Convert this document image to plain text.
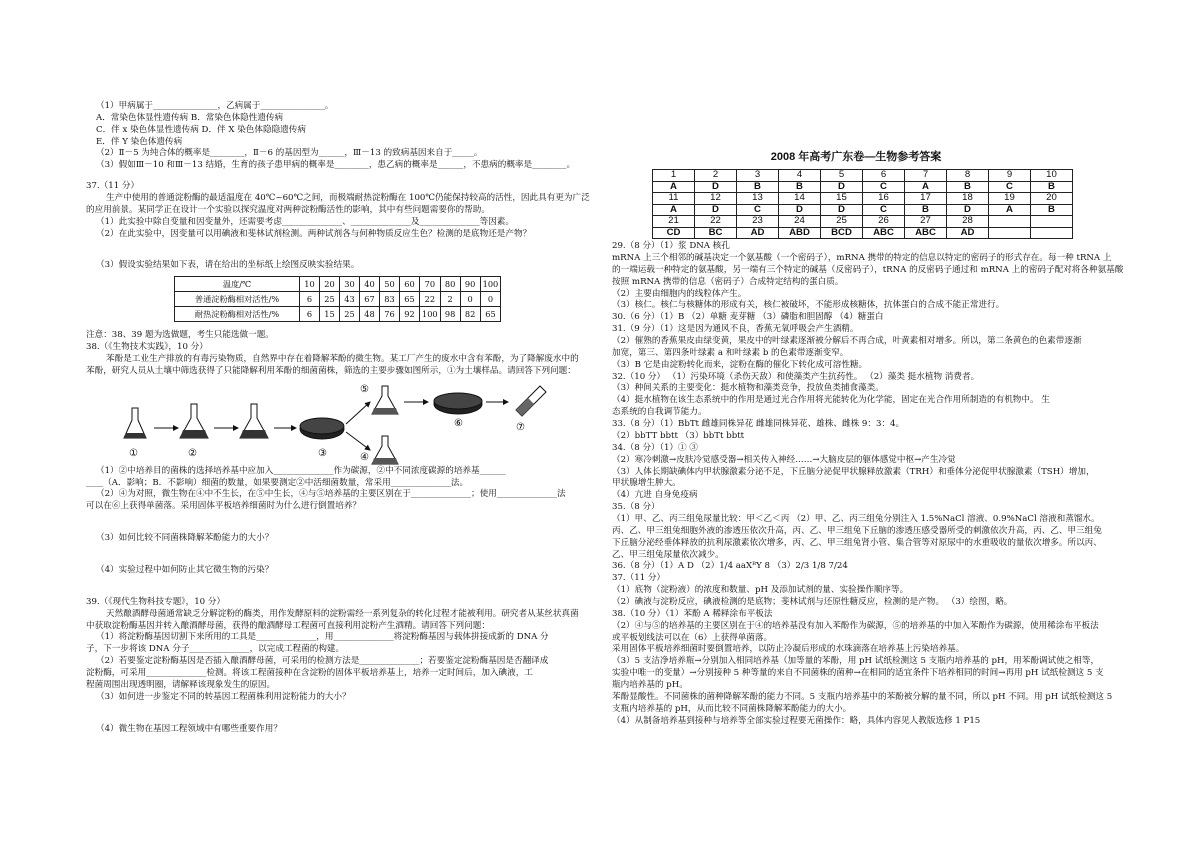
（1）甲病属于_______________，乙病属于_______________。

A．常染色体显性遗传病 B．常染色体隐性遗传病

C．伴 x 染色体显性遗传病 D．伴 X 染色体隐隐遗传病

E．伴 Y 染色体遗传病

（2）Ⅱ－5 为纯合体的概率是________，Ⅱ－6 的基因型为______，Ⅲ－13 的致病基因来自于_____。

（3）假如Ⅲ－10 和Ⅲ－13 结婚，生育的孩子患甲病的概率是________，患乙病的概率是______，不患病的概率是________。

37.（11 分）

生产中使用的普通淀粉酶的最适温度在 40℃~60℃之间，而极端耐热淀粉酶在 100℃仍能保持较高的活性，因此具有更为广泛

的应用前景。某同学正在设计一个实验以探究温度对两种淀粉酶活性的影响，其中有些问题需要你的帮助。

（1）此实验中除自变量和因变量外，还需要考虑______________、______________及______________等因素。

（2）在此实验中，因变量可以用碘液和斐林试剂检测。两种试剂各与何种物质反应生色？检测的是底物还是产物？

（3）假设实验结果如下表，请在给出的坐标纸上绘图反映实验结果。

温度/℃	10	20	30	40	50	60	70	80	90	100
普通淀粉酶相对活性/%	6	25	43	67	83	65	22	2	0	0
耐热淀粉酶相对活性/%	6	15	25	48	76	92	100	98	82	65

注意：38、39 题为选做题，考生只能选做一题。

38.（《生物技术实践》，10 分）

苯酚是工业生产排放的有毒污染物质，自然界中存在着降解苯酚的微生物。某工厂产生的废水中含有苯酚，为了降解废水中的

苯酚，研究人员从土壤中筛选获得了只能降解利用苯酚的细菌菌株，筛选的主要步骤如图所示，①为土壤样品。请回答下列问题：

①	②	③	④
⑤
⑥	⑦

（1）②中培养目的菌株的选择培养基中应加入______________作为碳源，②中不同浓度碳源的培养基______

____（A．影响；B．不影响）细菌的数量，如果要测定②中活细菌数量，常采用______________法。

（2）④为对照，微生物在④中不生长，在⑤中生长，④与⑤培养基的主要区别在于______________；使用______________法

可以在⑥上获得单菌落。采用固体平板培养细菌时为什么进行倒置培养？

（3）如何比较不同菌株降解苯酚能力的大小？

（4）实验过程中如何防止其它微生物的污染？

39.（《现代生物科技专题》，10 分）

天然酿酒酵母菌通常缺乏分解淀粉的酶类，用作发酵原料的淀粉需经一系列复杂的转化过程才能被利用。研究者从某丝状真菌

中获取淀粉酶基因并转入酿酒酵母菌，获得的酿酒酵母工程菌可直接利用淀粉产生酒精。请回答下列问题：

（1）将淀粉酶基因切割下来所用的工具是______________，用______________将淀粉酶基因与载体拼接成新的 DNA 分

子，下一步将该 DNA 分子______________，以完成工程菌的构建。

（2）若要鉴定淀粉酶基因是否插入酿酒酵母菌，可采用的检测方法是______________；若要鉴定淀粉酶基因是否翻译成

淀粉酶，可采用______________检测。将该工程菌接种在含淀粉的固体平板培养基上，培养一定时间后，加入碘液，工

程菌周围出现透明圈，请解释该现象发生的原因。

（3）如何进一步鉴定不同的转基因工程菌株利用淀粉能力的大小？

（4）微生物在基因工程领域中有哪些重要作用？

2008 年高考广东卷—生物参考答案
1	2	3	4	5	6	7	8	9	10
A	D	B	B	D	C	A	B	C	B
11	12	13	14	15	16	17	18	19	20
A	D	C	D	D	C	B	D	A	B
21	22	23	24	25	26	27	28		
CD	BC	AD	ABD	BCD	ABC	ABC	AD		

29.（8 分）（1）浆 DNA 核孔

mRNA 上三个相邻的碱基决定一个氨基酸（一个密码子），mRNA 携带的特定的信息以特定的密码子的形式存在。每一种 tRNA 上

的一端运载一种特定的氨基酸，另一端有三个特定的碱基（反密码子），tRNA 的反密码子通过和 mRNA 上的密码子配对将各种氨基酸

按照 mRNA 携带的信息（密码子）合成特定结构的蛋白质。

（2）主要由细胞内的线粒体产生。

（3）核仁。核仁与核糖体的形成有关，核仁被破坏，不能形成核糖体，抗体蛋白的合成不能正常进行。

30.（6 分）（1）B （2）单糖 麦芽糖 （3）磷脂和胆固醇 （4）糖蛋白

31.（9 分）（1）这是因为通风不良，香蕉无氧呼吸会产生酒精。

（2）催熟的香蕉果皮由绿变黄，果皮中的叶绿素逐渐被分解后不再合成，叶黄素相对增多。所以，第二条黄色的色素带逐渐

加宽，第三、第四条叶绿素 a 和叶绿素 b 的色素带逐渐变窄。

（3）B 它是由淀粉转化而来，淀粉在酶的催化下转化成可溶性糖。

32.（10 分） （1）污染环境（杀伤天敌）和使藻类产生抗药性。 （2）藻类 挺水植物 消费者。

（3）种间关系的主要变化：挺水植物和藻类竞争，投放鱼类捕食藻类。

（4）挺水植物在该生态系统中的作用是通过光合作用将光能转化为化学能，固定在光合作用所制造的有机物中。 生

态系统的自我调节能力。

33.（8 分）（1）BbTt 雌雄同株异花 雌雄同株异花、雄株、雌株 9：3：4。

（2）bbTT bbtt （3）bbTt bbtt

34.（8 分）（1）① ③

（2）寒冷刺激→皮肤冷觉感受器→相关传入神经……→大脑皮层的躯体感觉中枢→产生冷觉

（3）人体长期缺碘体内甲状腺激素分泌不足，下丘脑分泌促甲状腺释放激素（TRH）和垂体分泌促甲状腺激素（TSH）增加，

甲状腺增生肿大。

（4）亢进 自身免疫病

35.（8 分）

（1）甲、乙、丙三组兔尿量比较：甲＜乙＜丙 （2）甲、乙、丙三组兔分别注入 1.5%NaCl 溶液、0.9%NaCl 溶液和蒸馏水。

丙、乙、甲三组兔细胞外液的渗透压依次升高，丙、乙、甲三组兔下丘脑的渗透压感受器所受的刺激依次升高，丙、乙、甲三组兔

下丘脑分泌经垂体释放的抗利尿激素依次增多，丙、乙、甲三组兔肾小管、集合管等对原尿中的水重吸收的量依次增多。所以丙、

乙、甲三组兔尿量依次减少。

36.（8 分）（1）A D （2）1/4 aaXᴮY 8 （3）2/3 1/8 7/24

37.（11 分）

（1）底物（淀粉液）的浓度和数量、pH 及添加试剂的量、实验操作顺序等。

（2）碘液与淀粉反应，碘液检测的是底物；斐林试剂与还原性糖反应，检测的是产物。 （3）绘图，略。

38.（10 分）（1）苯酚 A 稀释涂布平板法

（2）④与⑤的培养基的主要区别在于④的培养基没有加入苯酚作为碳源，⑤的培养基的中加入苯酚作为碳源，使用稀涂布平板法

或平板划线法可以在（6）上获得单菌落。

采用固体平板培养细菌时要倒置培养，以防止冷凝后形成的水珠滴落在培养基上污染培养基。

（3）5 支洁净培养瓶→分别加入相同培养基（加等量的苯酚，用 pH 试纸检测这 5 支瓶内培养基的 pH，用苯酚调试使之相等，

实验中唯一的变量）→分别接种 5 种等量的来自不同菌株的菌种→在相同的适宜条件下培养相同的时间→再用 pH 试纸检测这 5 支

瓶内培养基的 pH。

苯酚显酸性。不同菌株的菌种降解苯酚的能力不同。5 支瓶内培养基中的苯酚被分解的量不同，所以 pH 不同。用 pH 试纸检测这 5

支瓶内培养基的 pH，从而比较不同菌株降解苯酚能力的大小。

（4）从制备培养基到接种与培养等全部实验过程要无菌操作：略，具体内容见人教版选修 1 P15
